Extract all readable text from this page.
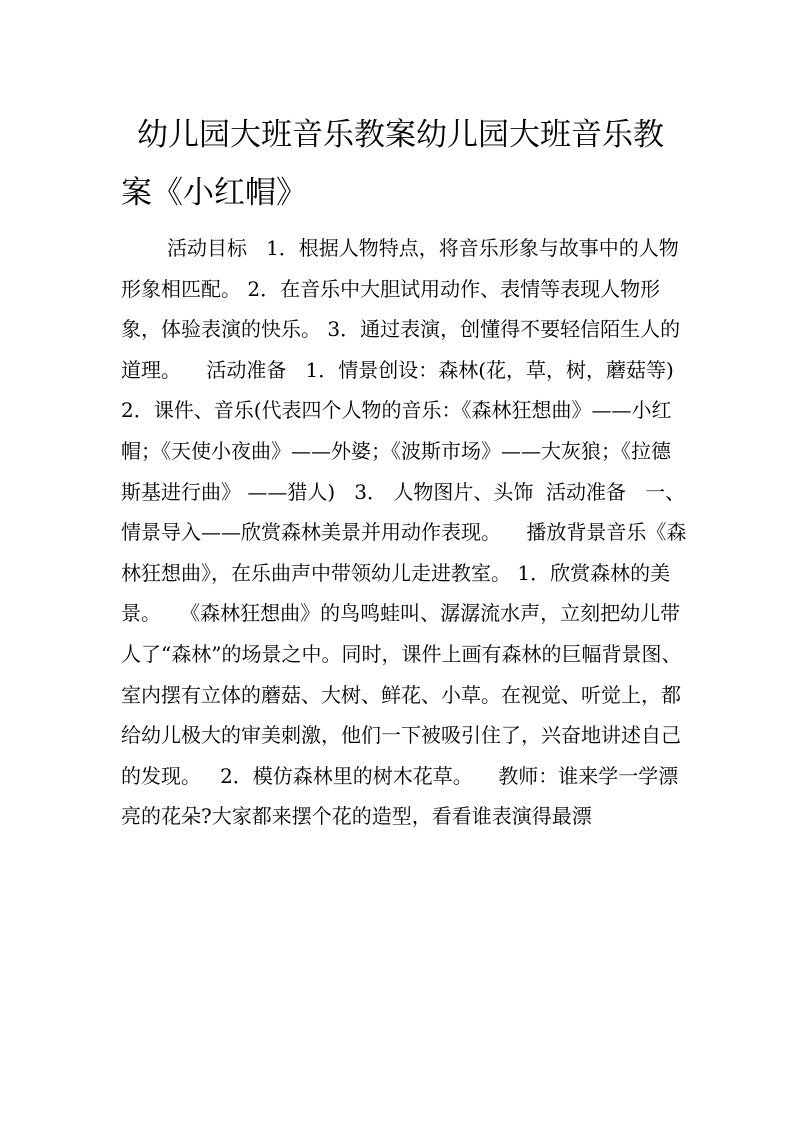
幼儿园大班音乐教案幼儿园大班音乐教案《小红帽》

活动目标   1．根据人物特点，将音乐形象与故事中的人物形象相匹配。 2．在音乐中大胆试用动作、表情等表现人物形象，体验表演的快乐。 3．通过表演，创懂得不要轻信陌生人的道理。    活动准备   1．情景创设：森林(花，草，树，蘑菇等)   2．课件、音乐(代表四个人物的音乐：《森林狂想曲》——小红帽；《天使小夜曲》——外婆；《波斯市场》——大灰狼；《拉德斯基进行曲》 ——猎人)   3． 人物图片、头饰  活动准备   一、情景导入——欣赏森林美景并用动作表现。    播放背景音乐《森林狂想曲》，在乐曲声中带领幼儿走进教室。 1．欣赏森林的美景。   《森林狂想曲》的鸟鸣蛙叫、潺潺流水声，立刻把幼儿带人了“森林”的场景之中。同时，课件上画有森林的巨幅背景图、室内摆有立体的蘑菇、大树、鲜花、小草。在视觉、听觉上，都给幼儿极大的审美刺激，他们一下被吸引住了，兴奋地讲述自己的发现。   2．模仿森林里的树木花草。    教师：谁来学一学漂亮的花朵?大家都来摆个花的造型，看看谁表演得最漂
